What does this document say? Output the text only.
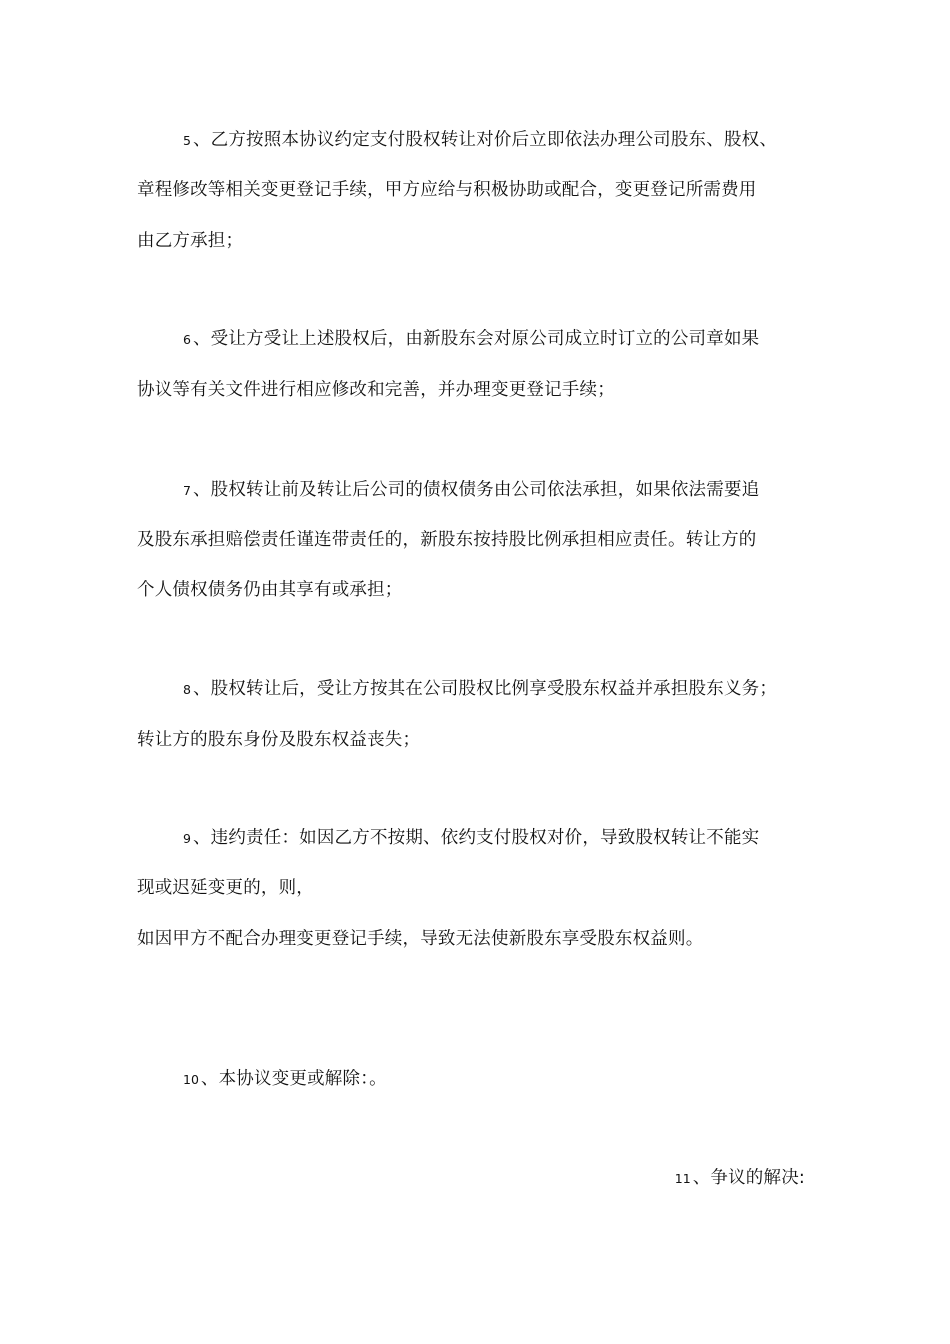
5 、乙方按照本协议约定支付股权转让对价后立即依法办理公司股东、股权、
章程修改等相关变更登记手续，甲方应给与积极协助或配合，变更登记所需费用
由乙方承担；
6 、受让方受让上述股权后，由新股东会对原公司成立时订立的公司章如果
协议等有关文件进行相应修改和完善，并办理变更登记手续；
7 、股权转让前及转让后公司的债权债务由公司依法承担，如果依法需要追
及股东承担赔偿责任谨连带责任的，新股东按持股比例承担相应责任。转让方的
个人债权债务仍由其享有或承担；
8 、股权转让后，受让方按其在公司股权比例享受股东权益并承担股东义务；
转让方的股东身份及股东权益丧失；
9 、违约责任：如因乙方不按期、依约支付股权对价，导致股权转让不能实
现或迟延变更的，则，
如因甲方不配合办理变更登记手续，导致无法使新股东享受股东权益则。
10 、本协议变更或解除：。
11 、争议的解决:
